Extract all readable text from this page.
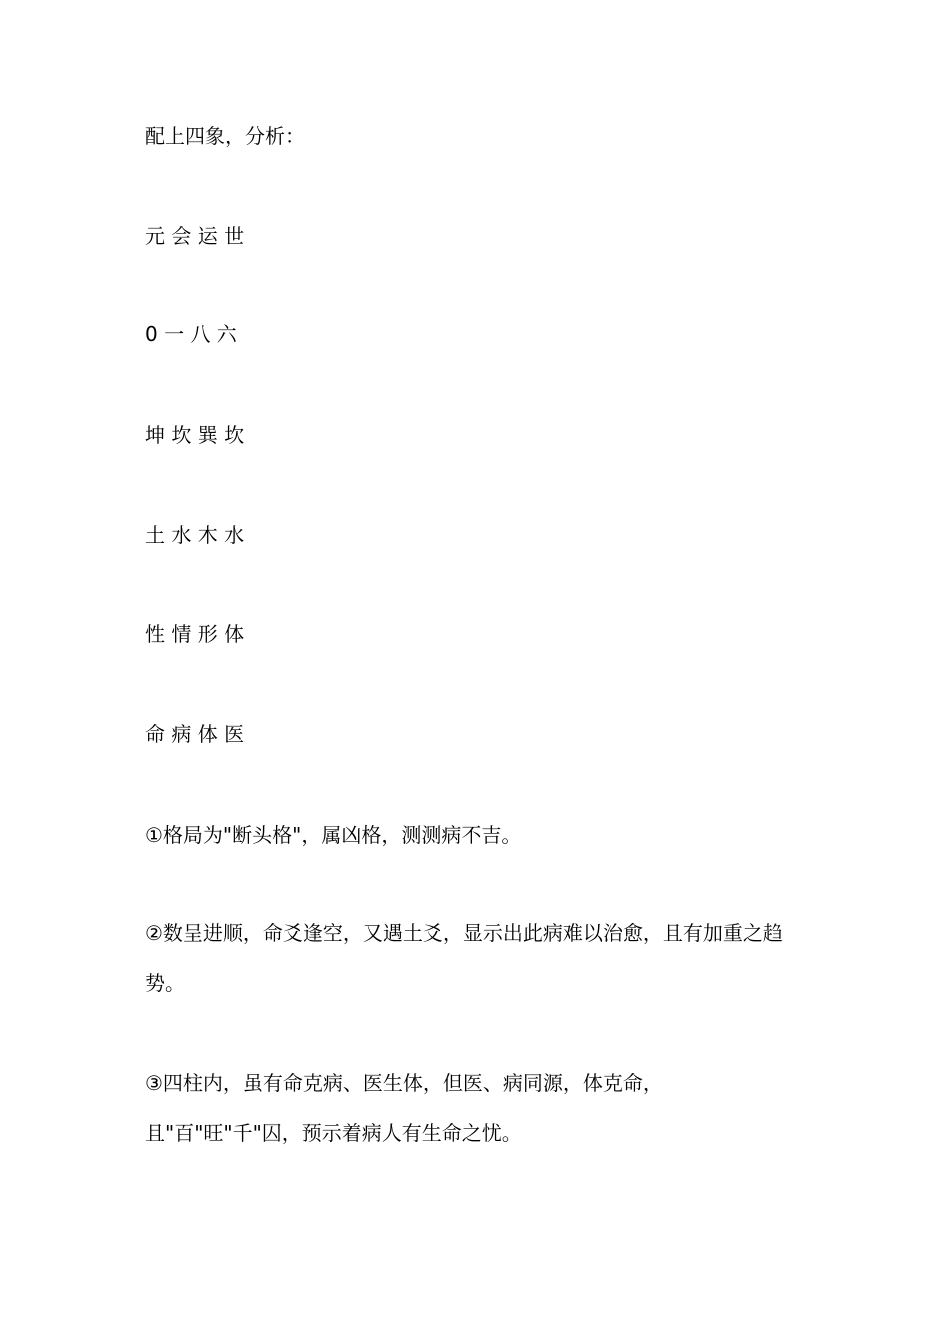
配上四象，分析：
元 会 运 世
0 一 八 六
坤 坎 巽 坎
土 水 木 水
性 情 形 体
命 病 体 医
①格局为"断头格"，属凶格，测测病不吉。
②数呈进顺，命爻逢空，又遇土爻，显示出此病难以治愈，且有加重之趋势。
③四柱内，虽有命克病、医生体，但医、病同源，体克命，且"百"旺"千"囚，预示着病人有生命之忧。
